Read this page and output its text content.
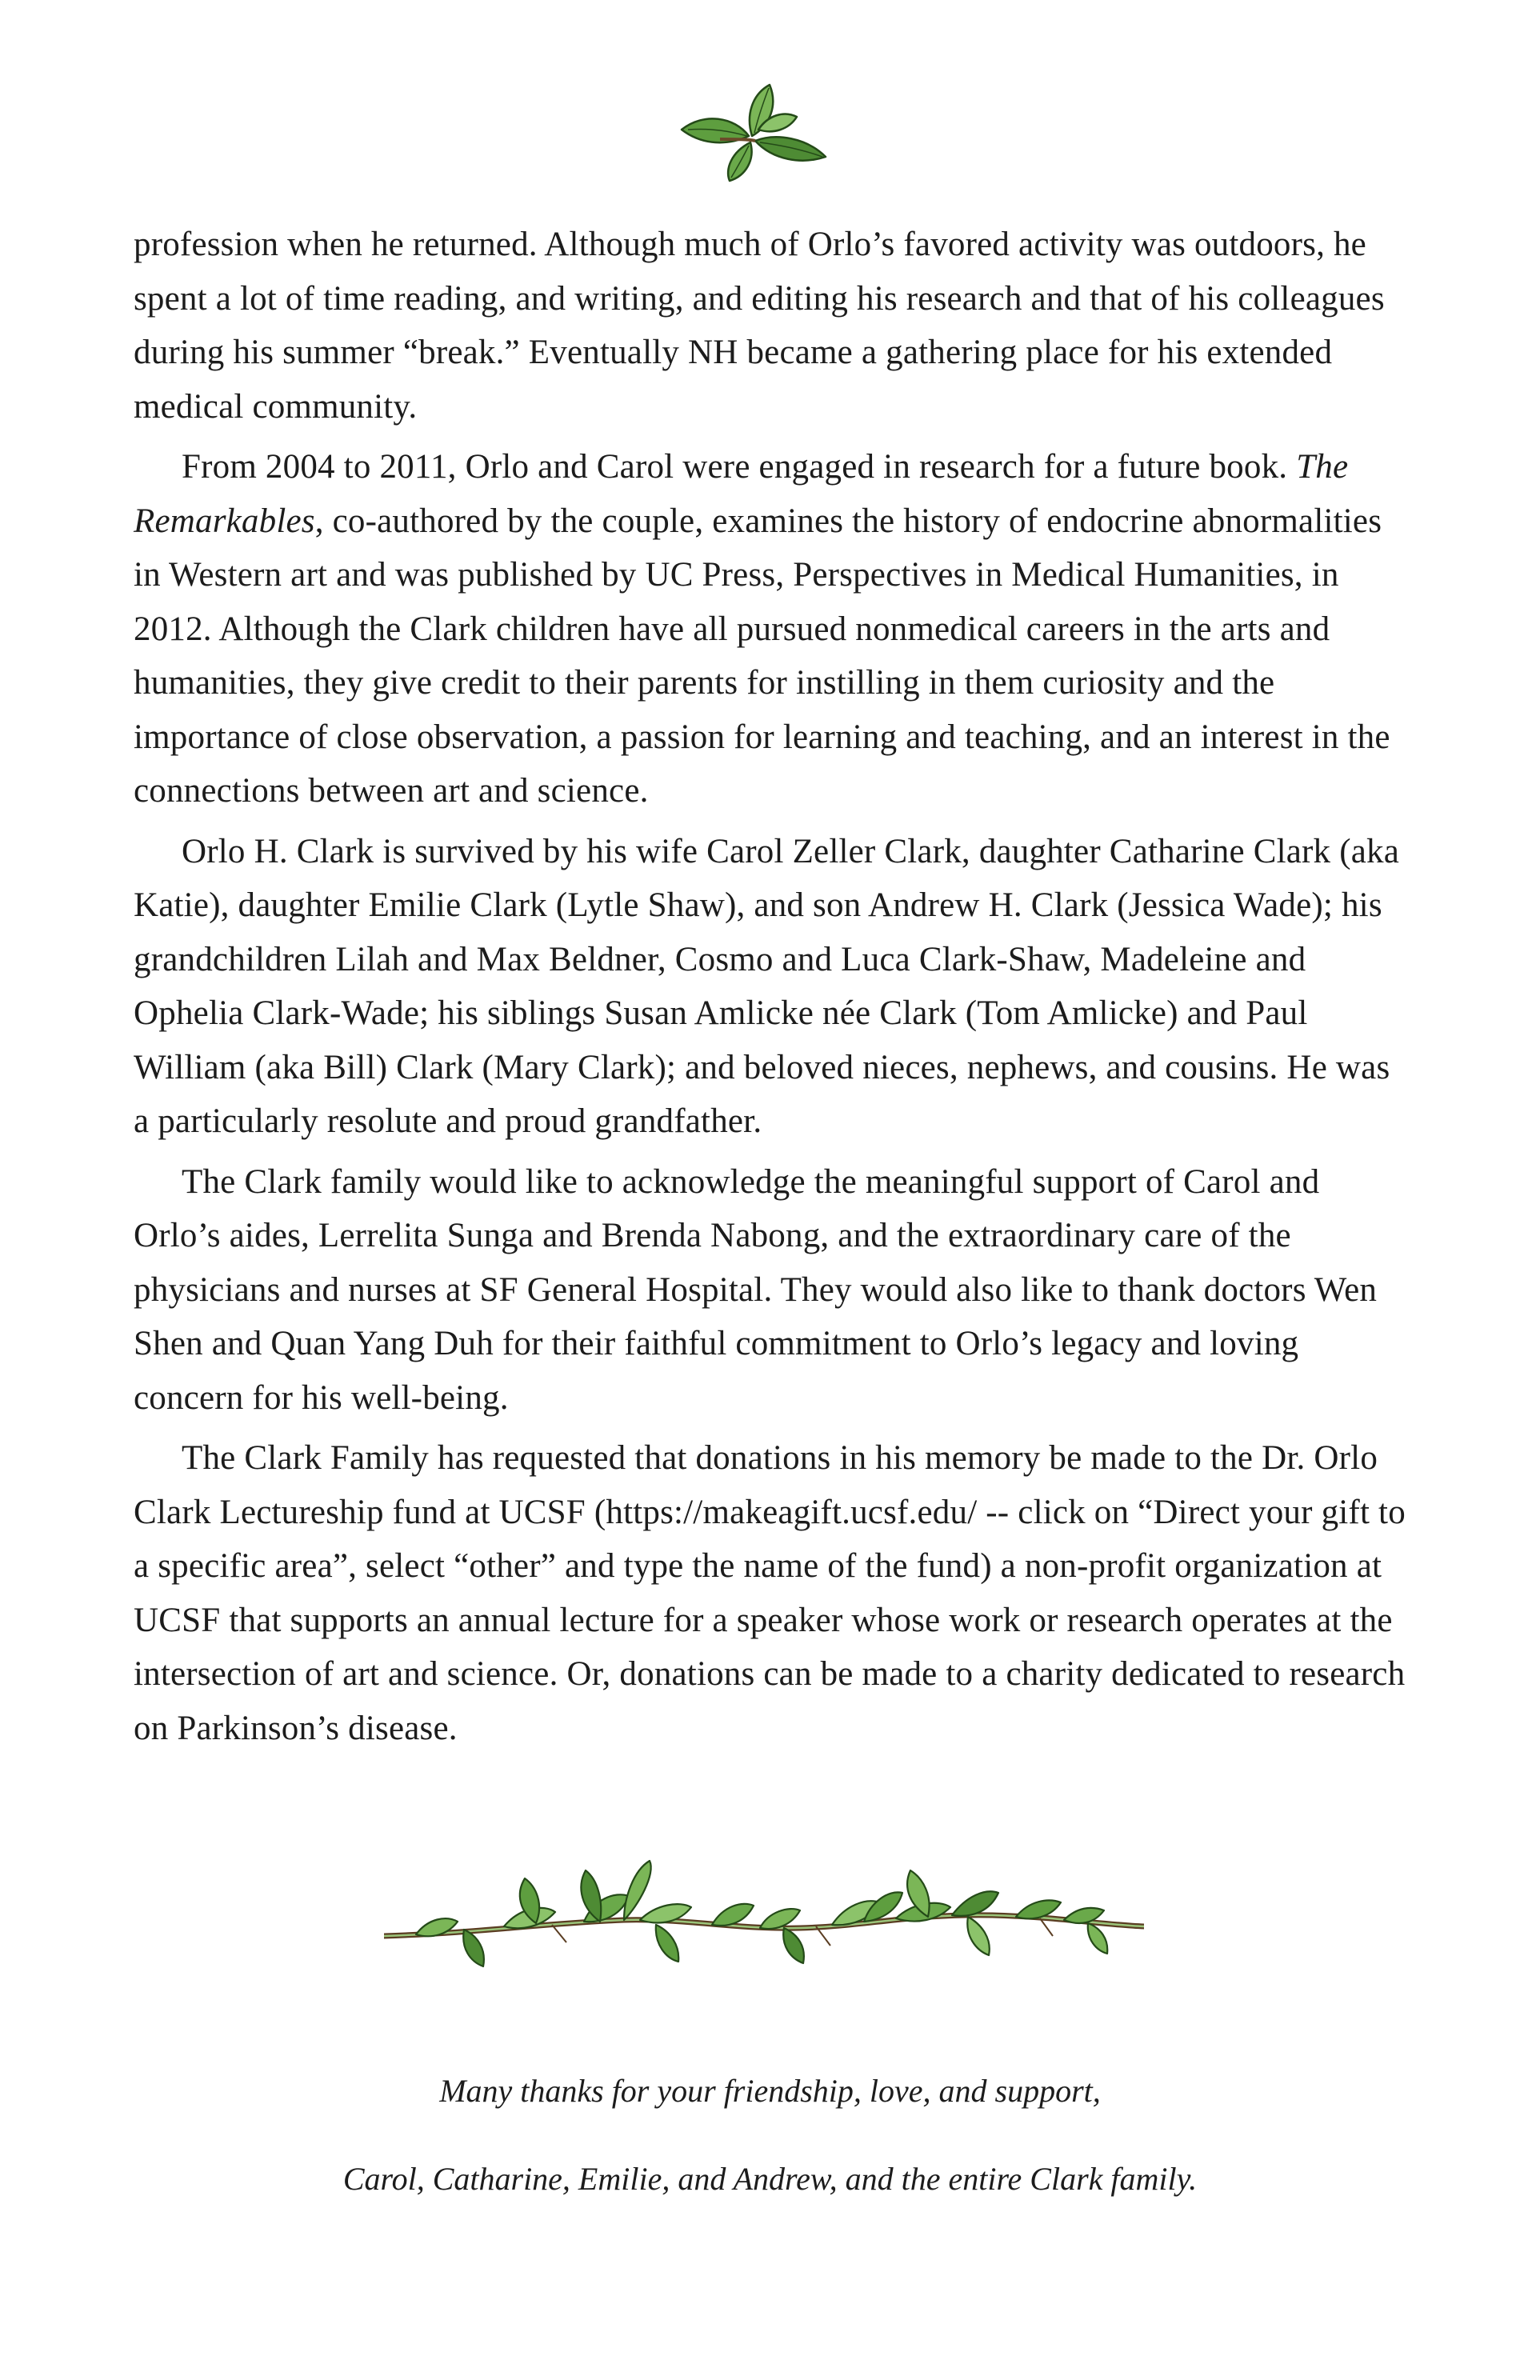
profession when he returned. Although much of Orlo’s favored activity was outdoors, he spent a lot of time reading, and writing, and editing his research and that of his colleagues during his summer “break.” Eventually NH became a gathering place for his extended medical community.

From 2004 to 2011, Orlo and Carol were engaged in research for a future book. The Remarkables, co-authored by the couple, examines the history of endocrine abnormalities in Western art and was published by UC Press, Perspectives in Medical Humanities, in 2012. Although the Clark children have all pursued nonmedical careers in the arts and humanities, they give credit to their parents for instilling in them curiosity and the importance of close observation, a passion for learning and teaching, and an interest in the connections between art and science.

Orlo H. Clark is survived by his wife Carol Zeller Clark, daughter Catharine Clark (aka Katie), daughter Emilie Clark (Lytle Shaw), and son Andrew H. Clark (Jessica Wade); his grandchildren Lilah and Max Beldner, Cosmo and Luca Clark-Shaw, Madeleine and Ophelia Clark-Wade; his siblings Susan Amlicke née Clark (Tom Amlicke) and Paul William (aka Bill) Clark (Mary Clark); and beloved nieces, nephews, and cousins. He was a particularly resolute and proud grandfather.

The Clark family would like to acknowledge the meaningful support of Carol and Orlo’s aides, Lerrelita Sunga and Brenda Nabong, and the extraordinary care of the physicians and nurses at SF General Hospital. They would also like to thank doctors Wen Shen and Quan Yang Duh for their faithful commitment to Orlo’s legacy and loving concern for his well-being.

The Clark Family has requested that donations in his memory be made to the Dr. Orlo Clark Lectureship fund at UCSF (https://makeagift.ucsf.edu/ -- click on “Direct your gift to a specific area”, select “other” and type the name of the fund) a non-profit organization at UCSF that supports an annual lecture for a speaker whose work or research operates at the intersection of art and science. Or, donations can be made to a charity dedicated to research on Parkinson’s disease.

Many thanks for your friendship, love, and support,
Carol, Catharine, Emilie, and Andrew, and the entire Clark family.
